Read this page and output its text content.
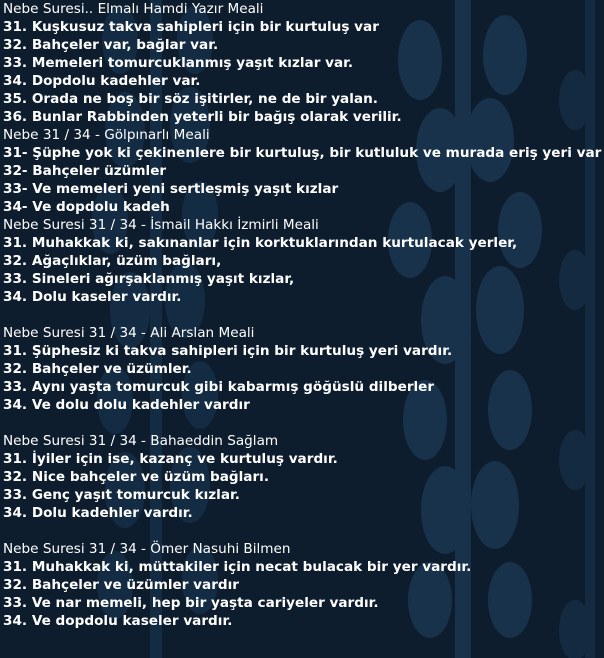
Nebe Suresi.. Elmalı Hamdi Yazır Meali
31. Kuşkusuz takva sahipleri için bir kurtuluş var
32. Bahçeler var, bağlar var.
33. Memeleri tomurcuklanmış yaşıt kızlar var.
34. Dopdolu kadehler var.
35. Orada ne boş bir söz işitirler, ne de bir yalan.
36. Bunlar Rabbinden yeterli bir bağış olarak verilir.
Nebe 31 / 34 - Gölpınarlı Meali
31- Şüphe yok ki çekinenlere bir kurtuluş, bir kutluluk ve murada eriş yeri var
32- Bahçeler üzümler
33- Ve memeleri yeni sertleşmiş yaşıt kızlar
34- Ve dopdolu kadeh
Nebe Suresi 31 / 34 - İsmail Hakkı İzmirli Meali
31. Muhakkak ki, sakınanlar için korktuklarından kurtulacak yerler,
32. Ağaçlıklar, üzüm bağları,
33. Sineleri ağırşaklanmış yaşıt kızlar,
34. Dolu kaseler vardır.
Nebe Suresi 31 / 34 - Ali Arslan Meali
31. Şüphesiz ki takva sahipleri için bir kurtuluş yeri vardır.
32. Bahçeler ve üzümler.
33. Aynı yaşta tomurcuk gibi kabarmış göğüslü dilberler
34. Ve dolu dolu kadehler vardır
Nebe Suresi 31 / 34 - Bahaeddin Sağlam
31. İyiler için ise, kazanç ve kurtuluş vardır.
32. Nice bahçeler ve üzüm bağları.
33. Genç yaşıt tomurcuk kızlar.
34. Dolu kadehler vardır.
Nebe Suresi 31 / 34 - Ömer Nasuhi Bilmen
31. Muhakkak ki, müttakiler için necat bulacak bir yer vardır.
32. Bahçeler ve üzümler vardır
33. Ve nar memeli, hep bir yaşta cariyeler vardır.
34. Ve dopdolu kaseler vardır.
